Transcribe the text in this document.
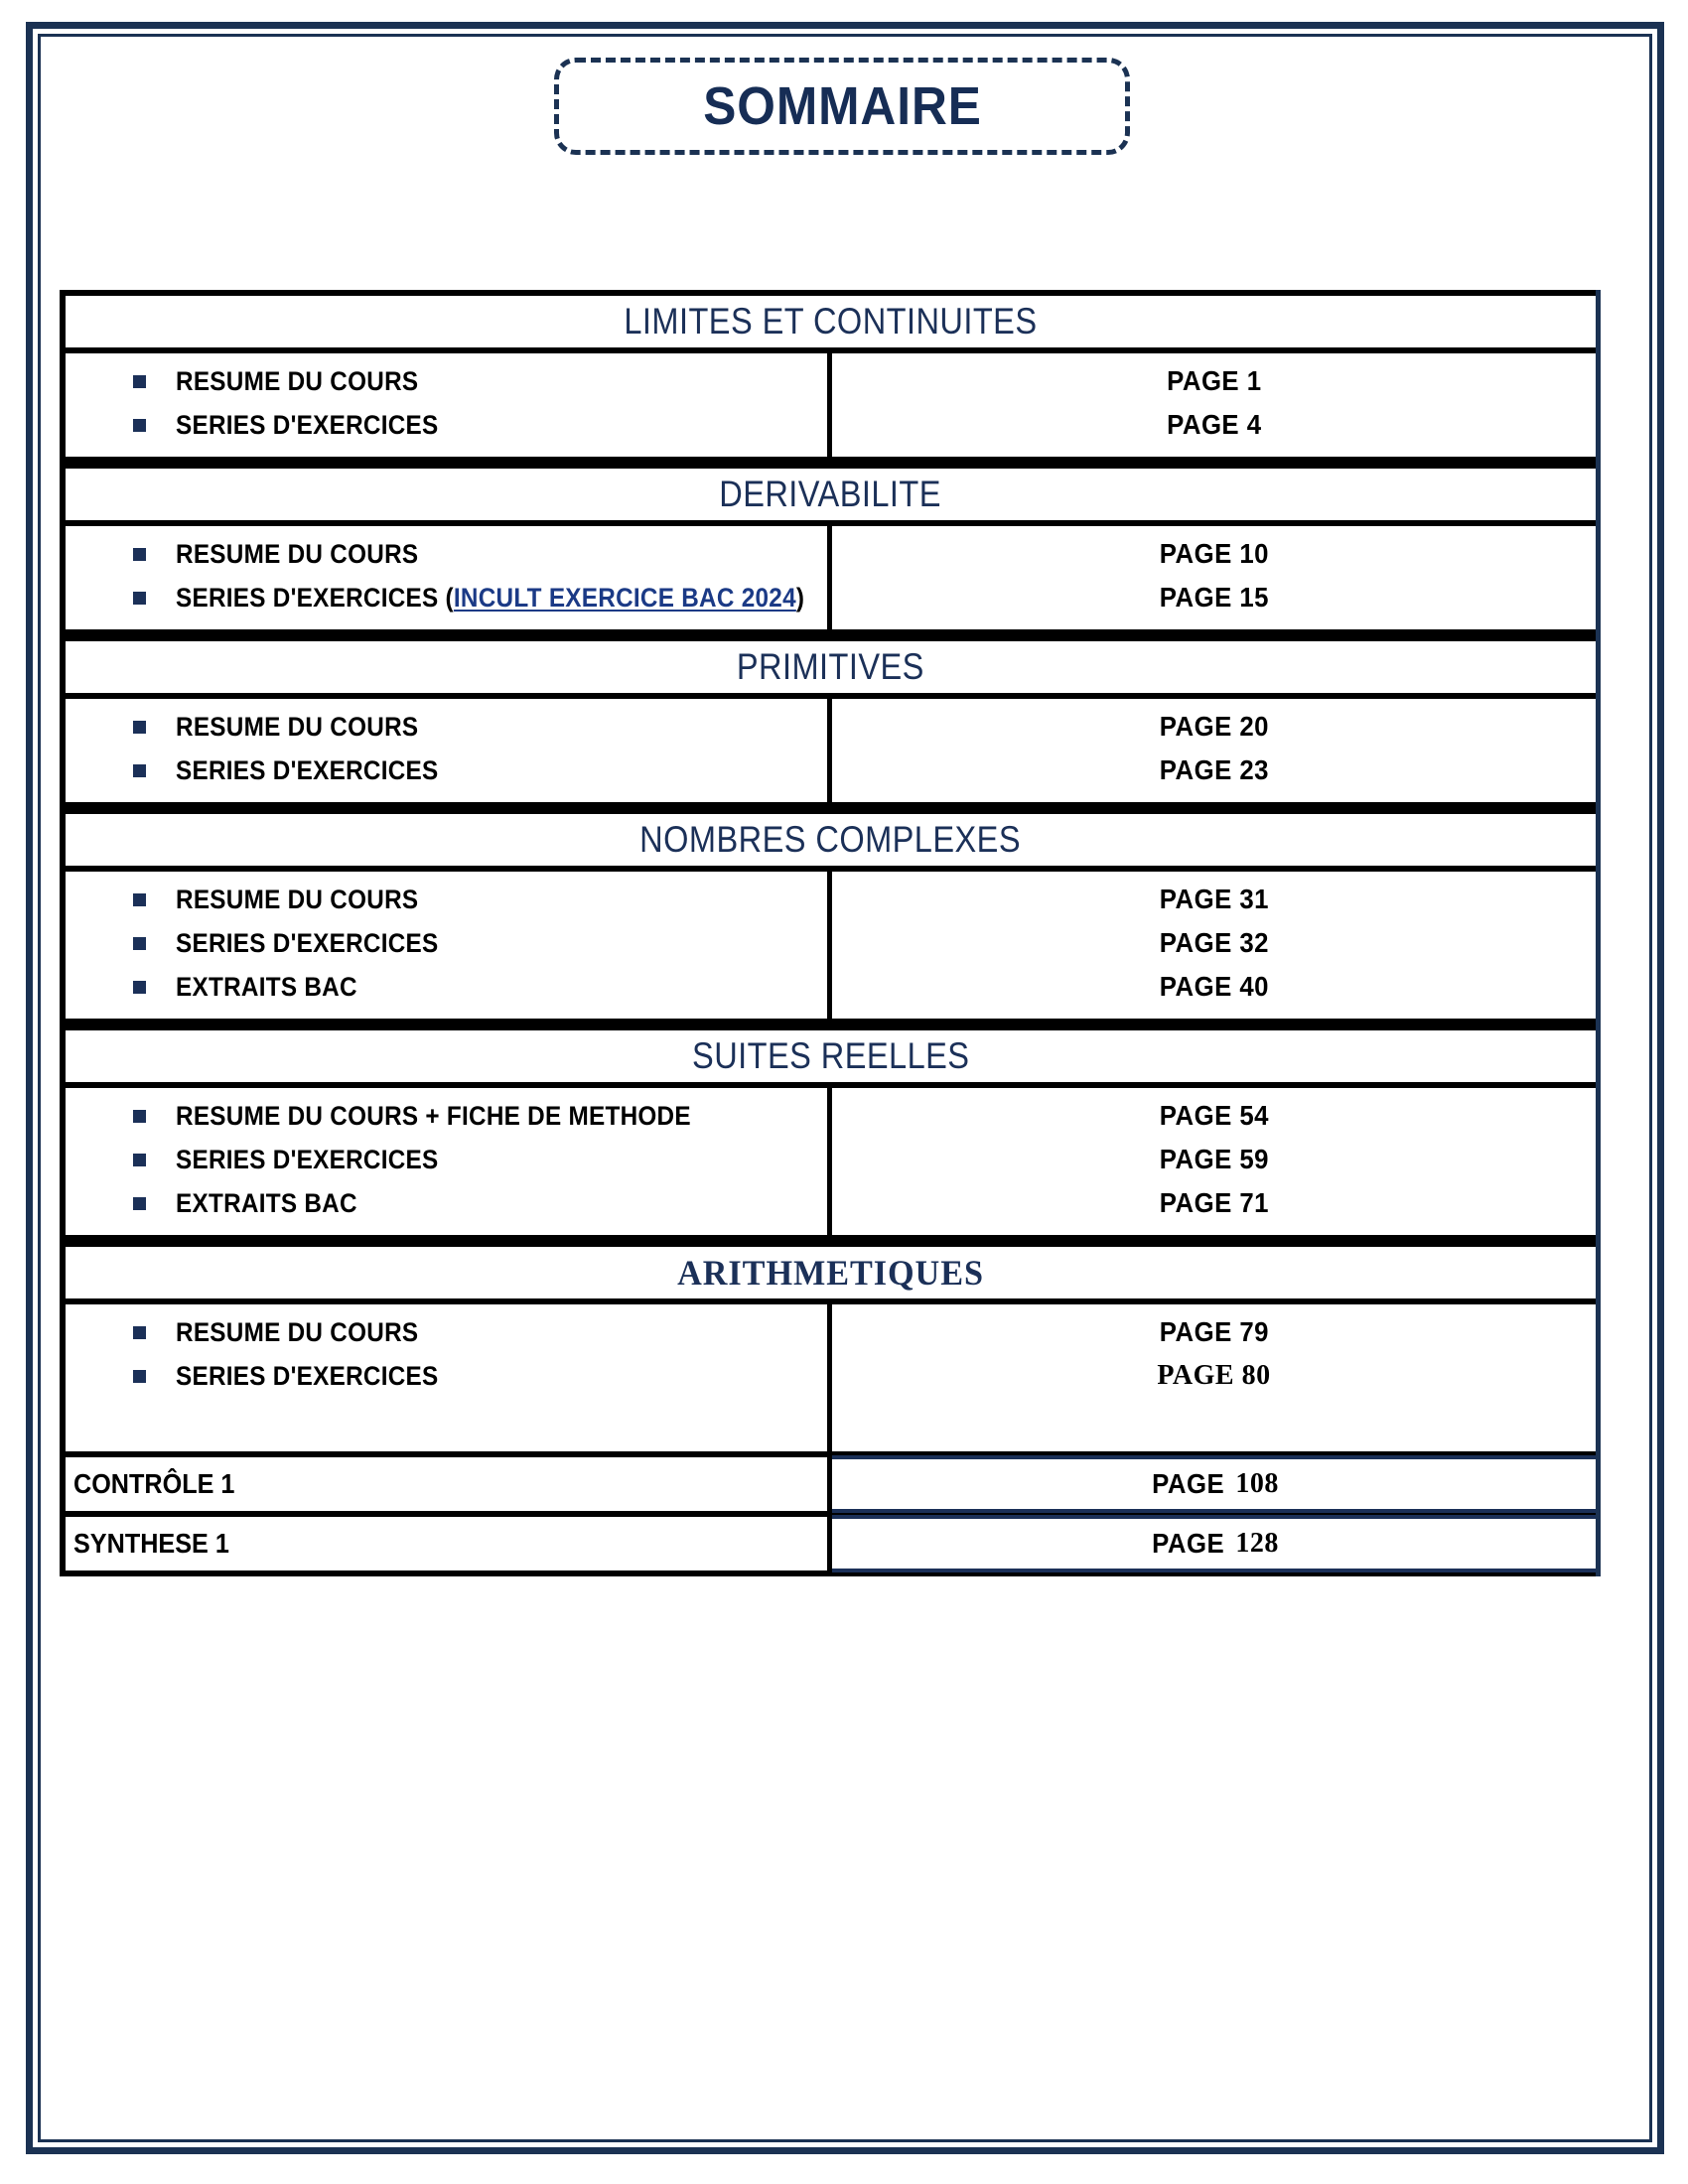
SOMMAIRE
LIMITES ET CONTINUITES
RESUME DU COURS
SERIES D'EXERCICES
PAGE 1
PAGE 4
DERIVABILITE
RESUME DU COURS
SERIES D'EXERCICES (INCULT EXERCICE BAC 2024)
PAGE 10
PAGE 15
PRIMITIVES
RESUME DU COURS
SERIES D'EXERCICES
PAGE 20
PAGE 23
NOMBRES COMPLEXES
RESUME DU COURS
SERIES D'EXERCICES
EXTRAITS BAC
PAGE 31
PAGE 32
PAGE 40
SUITES REELLES
RESUME DU COURS + FICHE DE METHODE
SERIES D'EXERCICES
EXTRAITS BAC
PAGE 54
PAGE 59
PAGE 71
ARITHMETIQUES
RESUME DU COURS
SERIES D'EXERCICES
PAGE 79
PAGE 80
CONTRÔLE 1	PAGE 108
SYNTHESE 1	PAGE 128
